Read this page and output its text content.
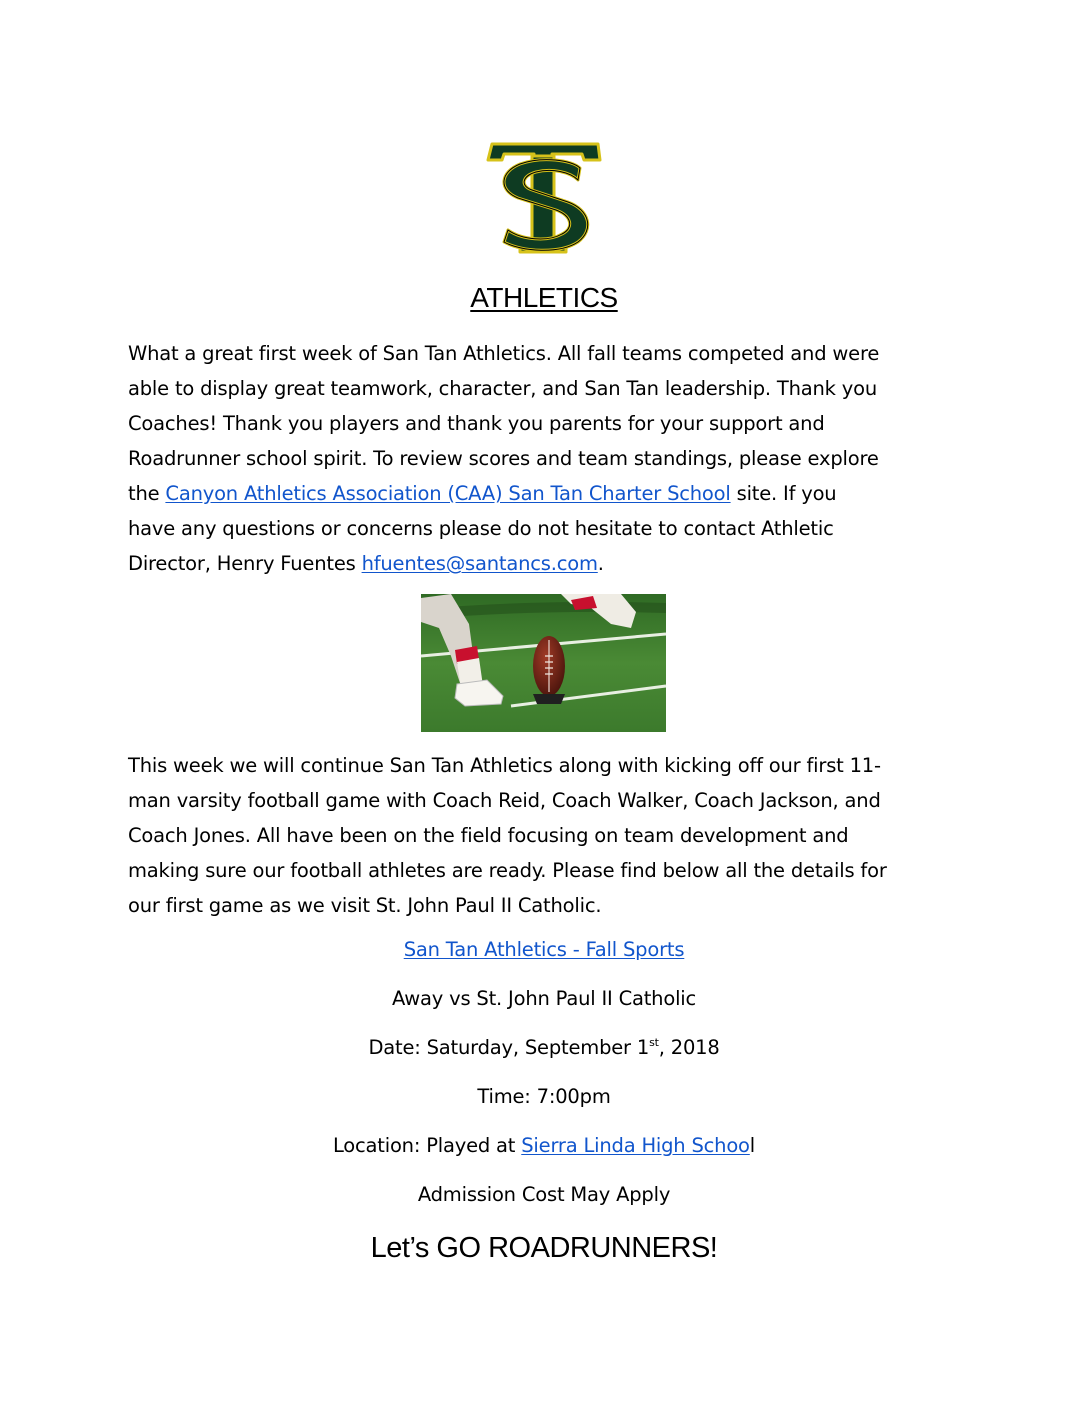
ATHLETICS
What a great first week of San Tan Athletics. All fall teams competed and were
able to display great teamwork, character, and San Tan leadership. Thank you
Coaches! Thank you players and thank you parents for your support and
Roadrunner school spirit. To review scores and team standings, please explore
the Canyon Athletics Association (CAA) San Tan Charter School site. If you
have any questions or concerns please do not hesitate to contact Athletic
Director, Henry Fuentes hfuentes@santancs.com.
This week we will continue San Tan Athletics along with kicking off our first 11-
man varsity football game with Coach Reid, Coach Walker, Coach Jackson, and
Coach Jones. All have been on the field focusing on team development and
making sure our football athletes are ready. Please find below all the details for
our first game as we visit St. John Paul II Catholic.
San Tan Athletics - Fall Sports
Away vs St. John Paul II Catholic
Date: Saturday, September 1st, 2018
Time: 7:00pm
Location: Played at Sierra Linda High School
Admission Cost May Apply
Let’s GO ROADRUNNERS!
